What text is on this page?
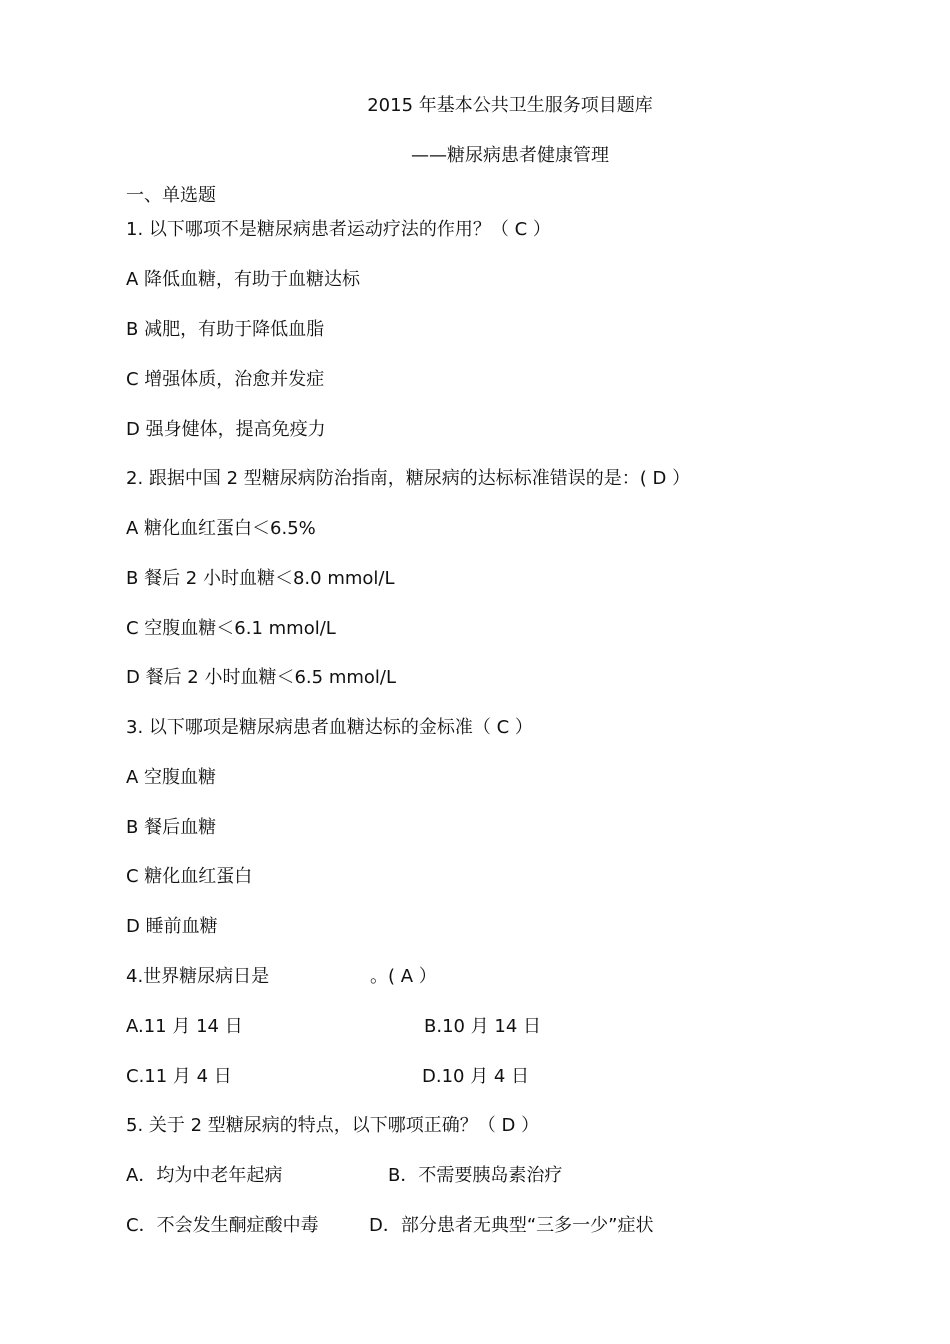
2015 年基本公共卫生服务项目题库
——糖尿病患者健康管理
一、单选题
1. 以下哪项不是糖尿病患者运动疗法的作用？（ C ）
A 降低血糖，有助于血糖达标
B 减肥，有助于降低血脂
C 增强体质，治愈并发症
D 强身健体，提高免疫力
2. 跟据中国 2 型糖尿病防治指南，糖尿病的达标标准错误的是：( D ）
A 糖化血红蛋白＜6.5%
B 餐后 2 小时血糖＜8.0 mmol/L
C 空腹血糖＜6.1 mmol/L
D 餐后 2 小时血糖＜6.5 mmol/L
3. 以下哪项是糖尿病患者血糖达标的金标准（ C ）
A 空腹血糖
B 餐后血糖
C 糖化血红蛋白
D 睡前血糖
4.世界糖尿病日是	。( A ）
A.11 月 14 日	B.10 月 14 日
C.11 月 4 日	D.10 月 4 日
5. 关于 2 型糖尿病的特点，以下哪项正确？（ D ）
A．均为中老年起病	B．不需要胰岛素治疗
C．不会发生酮症酸中毒	D．部分患者无典型“三多一少”症状
